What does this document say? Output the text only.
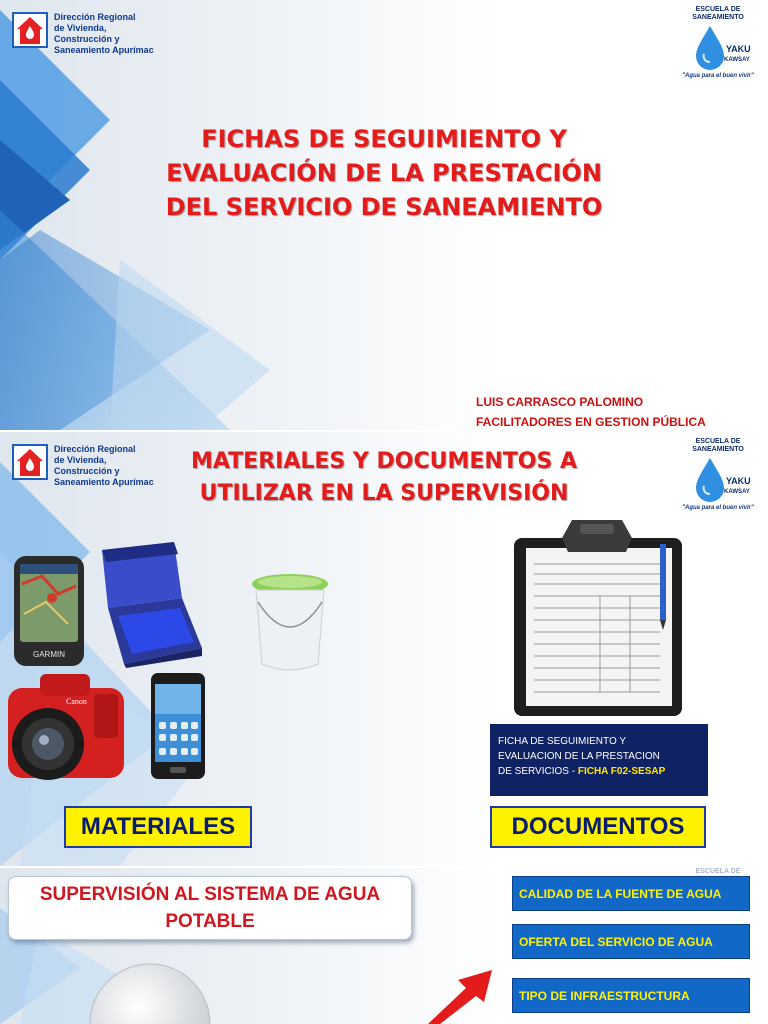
Dirección Regional
de Vivienda,
Construcción y
Saneamiento Apurímac
ESCUELA DE
SANEAMIENTO
YAKU
KAWSAY
"Agua para el buen vivir"
FICHAS DE SEGUIMIENTO Y
EVALUACIÓN DE LA PRESTACIÓN
DEL SERVICIO DE SANEAMIENTO
LUIS CARRASCO PALOMINO
FACILITADORES EN GESTION PÚBLICA
Dirección Regional
de Vivienda,
Construcción y
Saneamiento Apurímac
ESCUELA DE
SANEAMIENTO
YAKU
KAWSAY
"Agua para el buen vivir"
MATERIALES Y DOCUMENTOS A
UTILIZAR EN LA SUPERVISIÓN
GARMIN
Canon
FICHA DE SEGUIMIENTO Y
EVALUACION DE LA PRESTACION
DE SERVICIOS - FICHA F02-SESAP
MATERIALES	DOCUMENTOS
ESCUELA DE
SUPERVISIÓN AL SISTEMA DE AGUA
POTABLE
CALIDAD DE LA FUENTE DE AGUA
OFERTA DEL SERVICIO DE AGUA
TIPO DE INFRAESTRUCTURA
